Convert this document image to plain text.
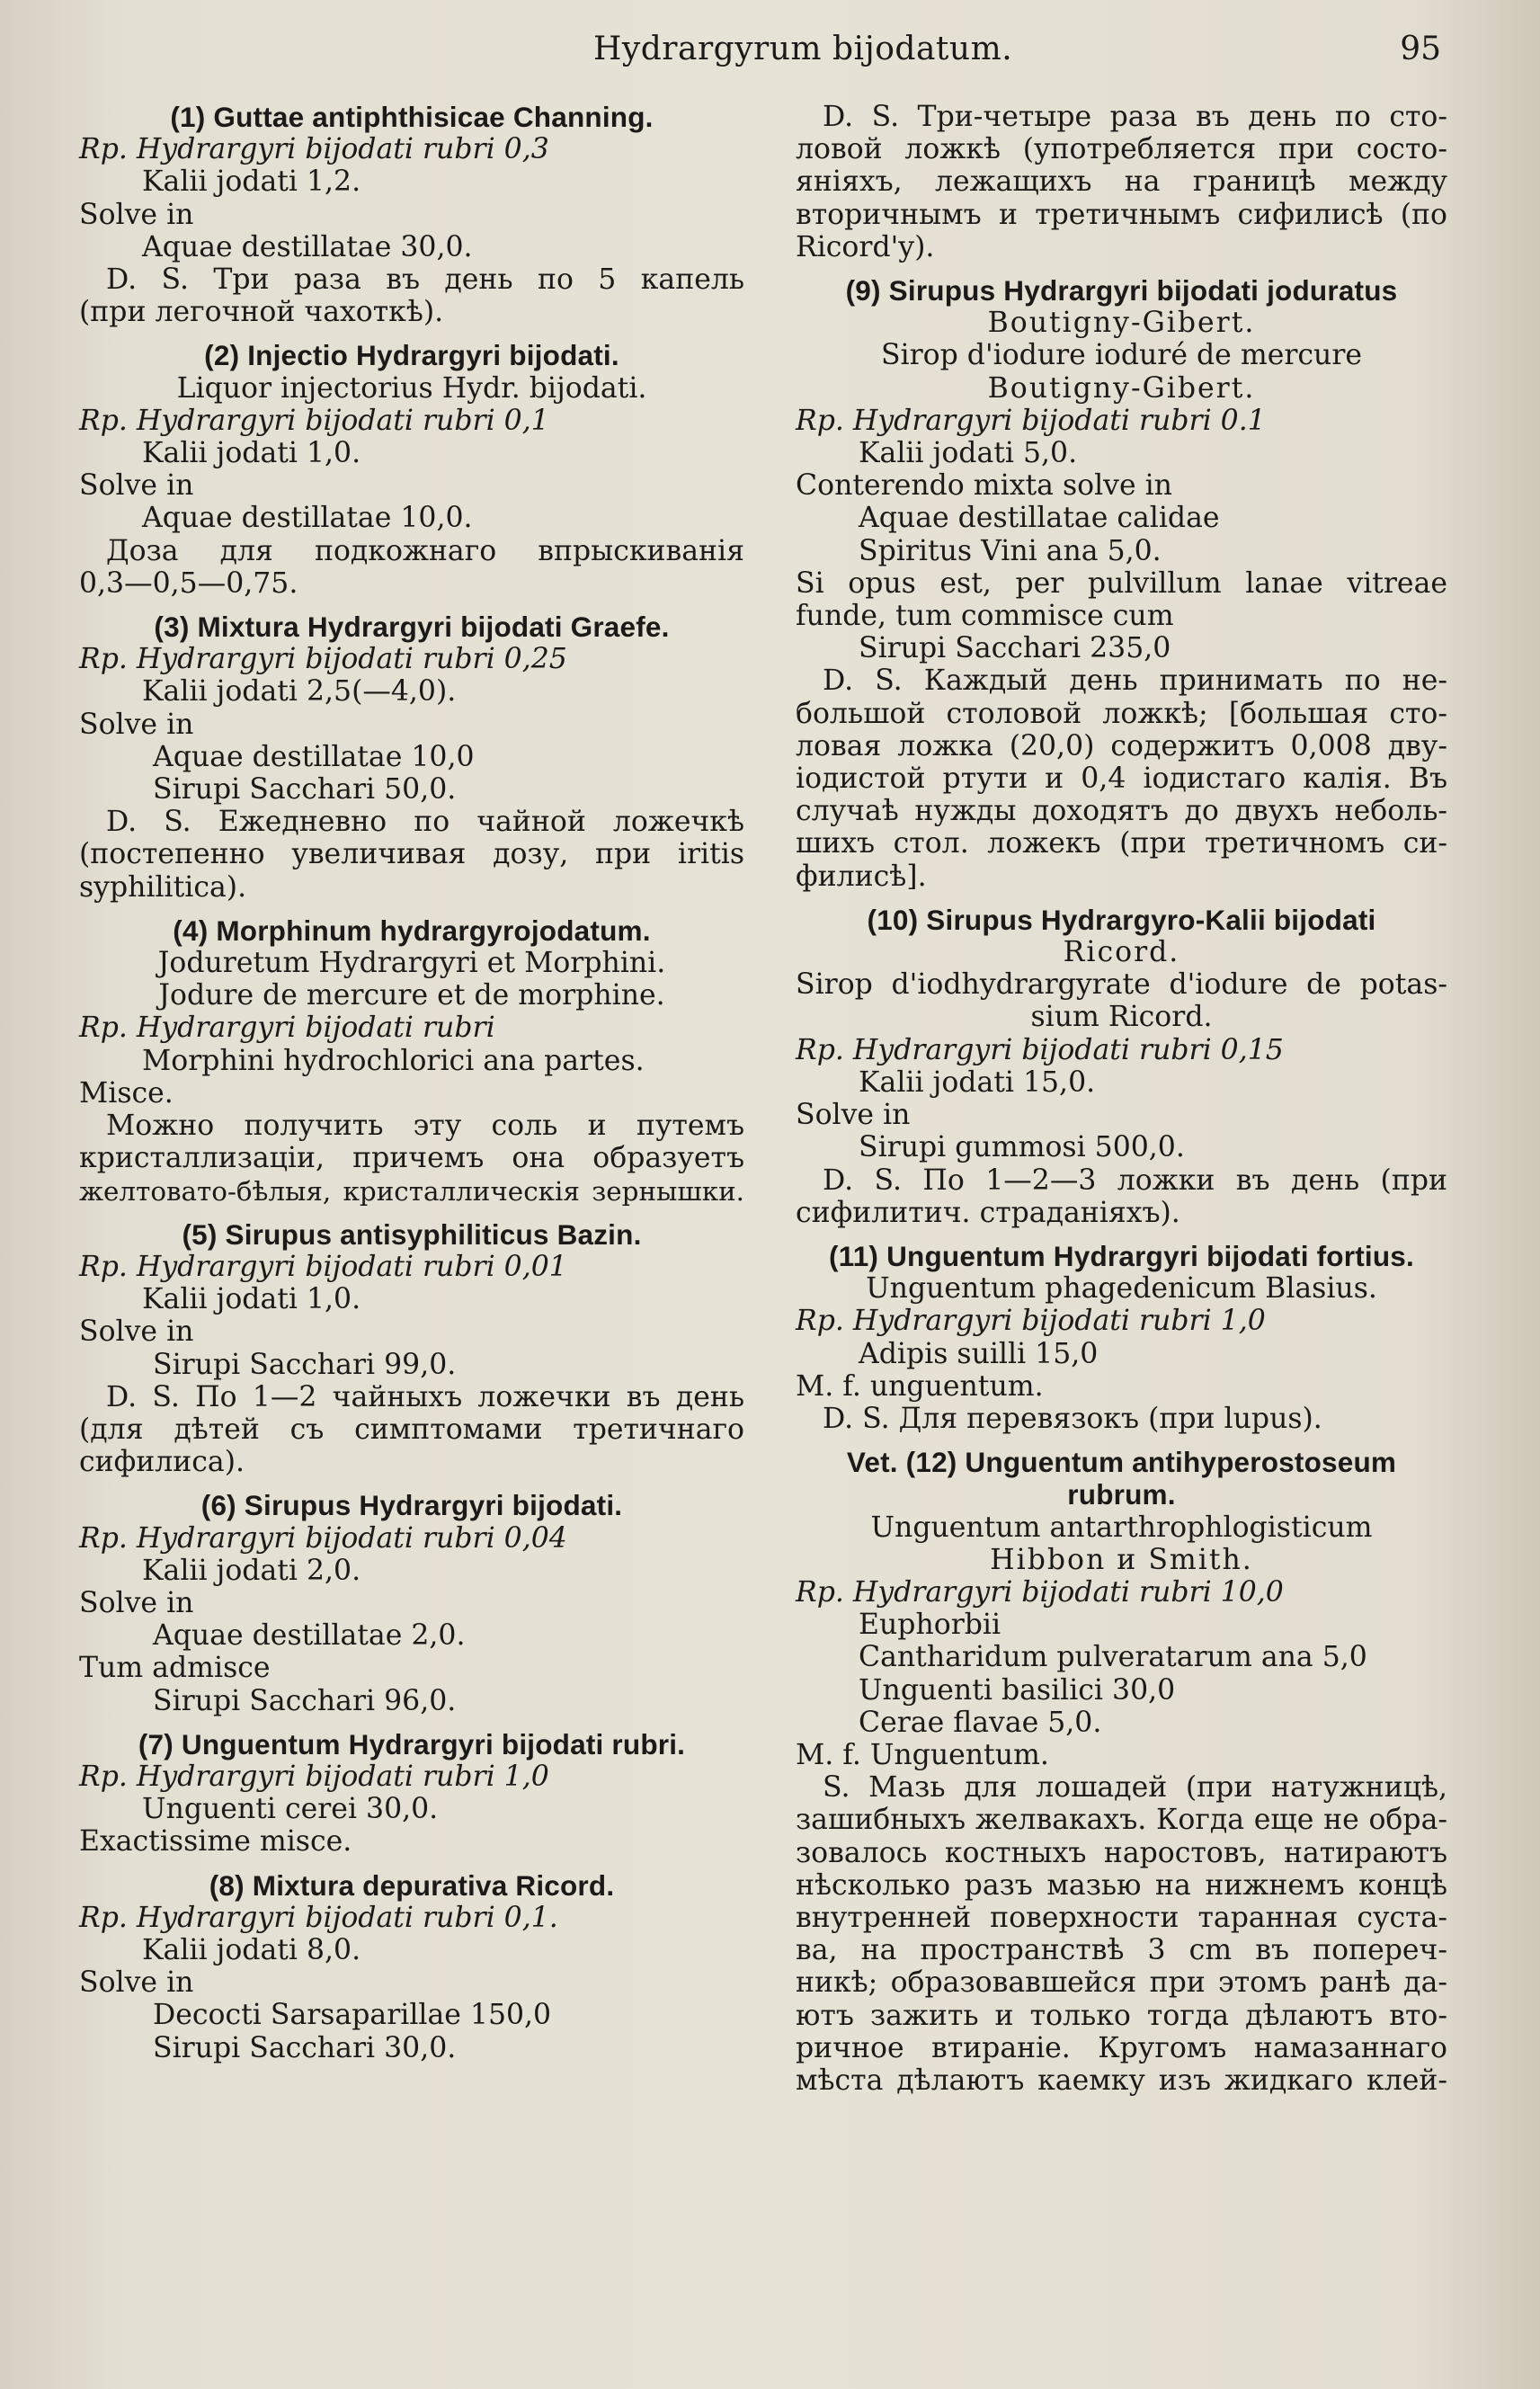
Hydrargyrum bijodatum.	95
(1) Guttae antiphthisicae Channing.
Rp. Hydrargyri bijodati rubri 0,3
Kalii jodati 1,2.
Solve in
Aquae destillatae 30,0.
D. S. Три раза въ день по 5 капель
(при легочной чахоткѣ).
(2) Injectio Hydrargyri bijodati.
Liquor injectorius Hydr. bijodati.
Rp. Hydrargyri bijodati rubri 0,1
Kalii jodati 1,0.
Solve in
Aquae destillatae 10,0.
Доза для подкожнаго впрыскиванія
0,3—0,5—0,75.
(3) Mixtura Hydrargyri bijodati Graefe.
Rp. Hydrargyri bijodati rubri 0,25
Kalii jodati 2,5(—4,0).
Solve in
Aquae destillatae 10,0
Sirupi Sacchari 50,0.
D. S. Ежедневно по чайной ложечкѣ
(постепенно увеличивая дозу, при iritis
syphilitica).
(4) Morphinum hydrargyrojodatum.
Joduretum Hydrargyri et Morphini.
Jodure de mercure et de morphine.
Rp. Hydrargyri bijodati rubri
Morphini hydrochlorici ana partes.
Misce.
Можно получить эту соль и путемъ
кристаллизаціи, причемъ она образуетъ
желтовато-бѣлыя, кристаллическія зернышки.
(5) Sirupus antisyphiliticus Bazin.
Rp. Hydrargyri bijodati rubri 0,01
Kalii jodati 1,0.
Solve in
Sirupi Sacchari 99,0.
D. S. По 1—2 чайныхъ ложечки въ день
(для дѣтей съ симптомами третичнаго
сифилиса).
(6) Sirupus Hydrargyri bijodati.
Rp. Hydrargyri bijodati rubri 0,04
Kalii jodati 2,0.
Solve in
Aquae destillatae 2,0.
Tum admisce
Sirupi Sacchari 96,0.
(7) Unguentum Hydrargyri bijodati rubri.
Rp. Hydrargyri bijodati rubri 1,0
Unguenti cerei 30,0.
Exactissime misce.
(8) Mixtura depurativa Ricord.
Rp. Hydrargyri bijodati rubri 0,1.
Kalii jodati 8,0.
Solve in
Decocti Sarsaparillae 150,0
Sirupi Sacchari 30,0.
D. S. Три-четыре раза въ день по сто-
ловой ложкѣ (употребляется при состо-
яніяхъ, лежащихъ на границѣ между
вторичнымъ и третичнымъ сифилисѣ (по
Ricord'y).
(9) Sirupus Hydrargyri bijodati joduratus
Boutigny-Gibert.
Sirop d'iodure ioduré de mercure
Boutigny-Gibert.
Rp. Hydrargyri bijodati rubri 0.1
Kalii jodati 5,0.
Conterendo mixta solve in
Aquae destillatae calidae
Spiritus Vini ana 5,0.
Si opus est, per pulvillum lanae vitreae
funde, tum commisce cum
Sirupi Sacchari 235,0
D. S. Каждый день принимать по не-
большой столовой ложкѣ; [большая сто-
ловая ложка (20,0) содержитъ 0,008 дву-
іодистой ртути и 0,4 іодистаго калія. Въ
случаѣ нужды доходятъ до двухъ неболь-
шихъ стол. ложекъ (при третичномъ си-
филисѣ].
(10) Sirupus Hydrargyro-Kalii bijodati
Ricord.
Sirop d'iodhydrargyrate d'iodure de potas-
sium Ricord.
Rp. Hydrargyri bijodati rubri 0,15
Kalii jodati 15,0.
Solve in
Sirupi gummosi 500,0.
D. S. По 1—2—3 ложки въ день (при
сифилитич. страданіяхъ).
(11) Unguentum Hydrargyri bijodati fortius.
Unguentum phagedenicum Blasius.
Rp. Hydrargyri bijodati rubri 1,0
Adipis suilli 15,0
M. f. unguentum.
D. S. Для перевязокъ (при lupus).
Vet. (12) Unguentum antihyperostoseum
rubrum.
Unguentum antarthrophlogisticum
Hibbon и Smith.
Rp. Hydrargyri bijodati rubri 10,0
Euphorbii
Cantharidum pulveratarum ana 5,0
Unguenti basilici 30,0
Cerae flavae 5,0.
M. f. Unguentum.
S. Мазь для лошадей (при натужницѣ,
зашибныхъ желвакахъ. Когда еще не обра-
зовалось костныхъ наростовъ, натираютъ
нѣсколько разъ мазью на нижнемъ концѣ
внутренней поверхности таранная суста-
ва, на пространствѣ 3 cm въ попереч-
никѣ; образовавшейся при этомъ ранѣ да-
ютъ зажить и только тогда дѣлаютъ вто-
ричное втираніе. Кругомъ намазаннаго
мѣста дѣлаютъ каемку изъ жидкаго клей-
